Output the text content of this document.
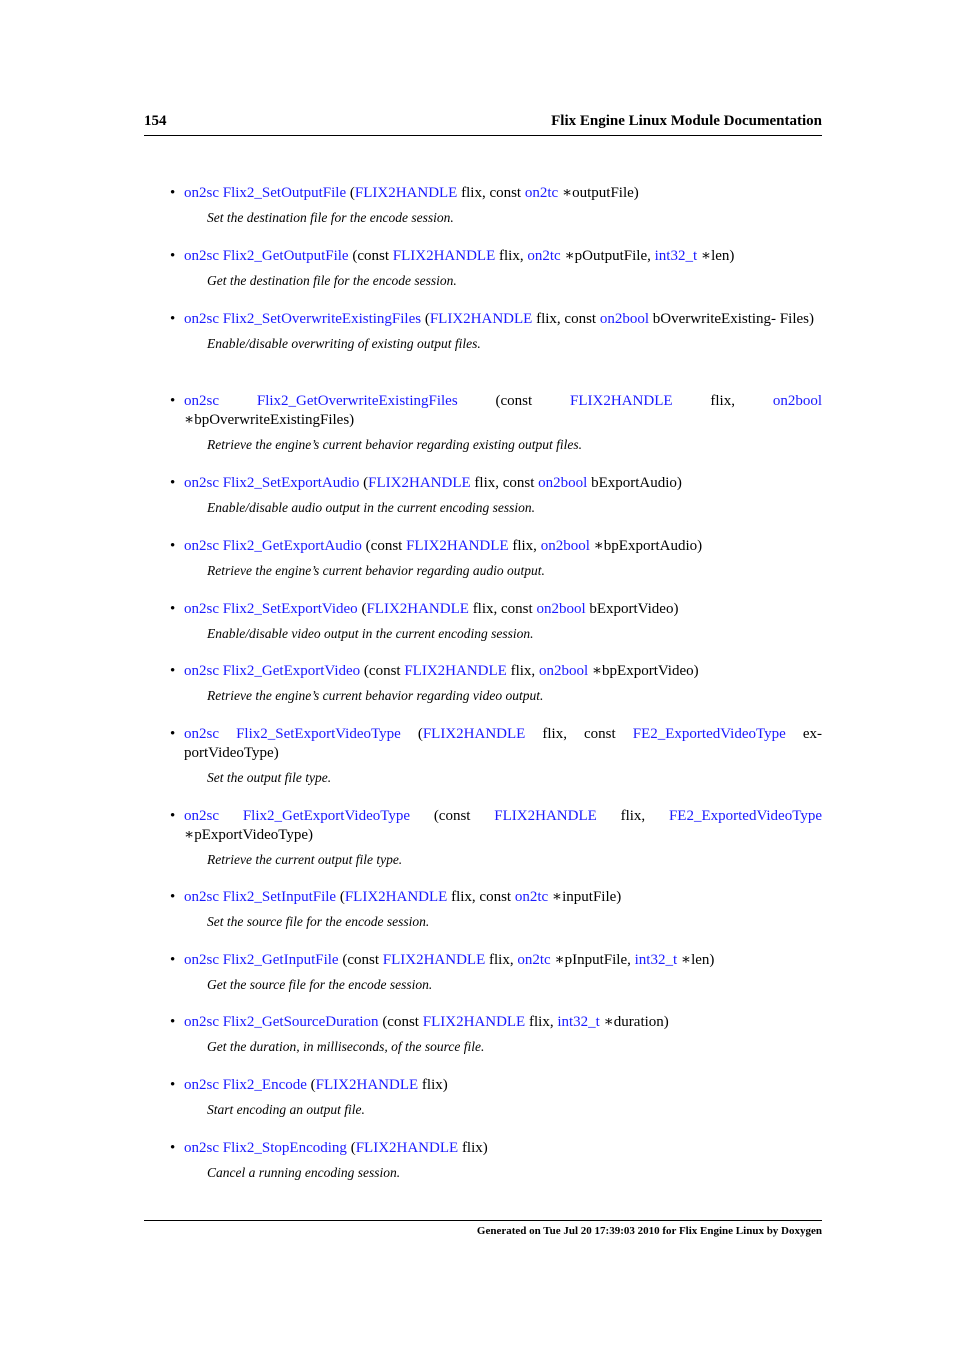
154	Flix Engine Linux Module Documentation
• on2sc Flix2_SetOutputFile (FLIX2HANDLE flix, const on2tc ∗outputFile)
Set the destination file for the encode session.
• on2sc Flix2_GetOutputFile (const FLIX2HANDLE flix, on2tc ∗pOutputFile, int32_t ∗len)
Get the destination file for the encode session.
• on2sc Flix2_SetOverwriteExistingFiles (FLIX2HANDLE flix, const on2bool bOverwriteExisting- Files)
Enable/disable overwriting of existing output files.
• on2sc	Flix2_GetOverwriteExistingFiles (const FLIX2HANDLE flix, on2bool ∗bpOverwriteExistingFiles)
Retrieve the engine’s current behavior regarding existing output files.
• on2sc Flix2_SetExportAudio (FLIX2HANDLE flix, const on2bool bExportAudio)
Enable/disable audio output in the current encoding session.
• on2sc Flix2_GetExportAudio (const FLIX2HANDLE flix, on2bool ∗bpExportAudio)
Retrieve the engine’s current behavior regarding audio output.
• on2sc Flix2_SetExportVideo (FLIX2HANDLE flix, const on2bool bExportVideo)
Enable/disable video output in the current encoding session.
• on2sc Flix2_GetExportVideo (const FLIX2HANDLE flix, on2bool ∗bpExportVideo)
Retrieve the engine’s current behavior regarding video output.
• on2sc Flix2_SetExportVideoType (FLIX2HANDLE flix, const FE2_ExportedVideoType ex- portVideoType)
Set the output file type.
• on2sc Flix2_GetExportVideoType (const FLIX2HANDLE flix, FE2_ExportedVideoType ∗pExportVideoType)
Retrieve the current output file type.
• on2sc Flix2_SetInputFile (FLIX2HANDLE flix, const on2tc ∗inputFile)
Set the source file for the encode session.
• on2sc Flix2_GetInputFile (const FLIX2HANDLE flix, on2tc ∗pInputFile, int32_t ∗len)
Get the source file for the encode session.
• on2sc Flix2_GetSourceDuration (const FLIX2HANDLE flix, int32_t ∗duration)
Get the duration, in milliseconds, of the source file.
• on2sc Flix2_Encode (FLIX2HANDLE flix)
Start encoding an output file.
• on2sc Flix2_StopEncoding (FLIX2HANDLE flix)
Cancel a running encoding session.
Generated on Tue Jul 20 17:39:03 2010 for Flix Engine Linux by Doxygen
